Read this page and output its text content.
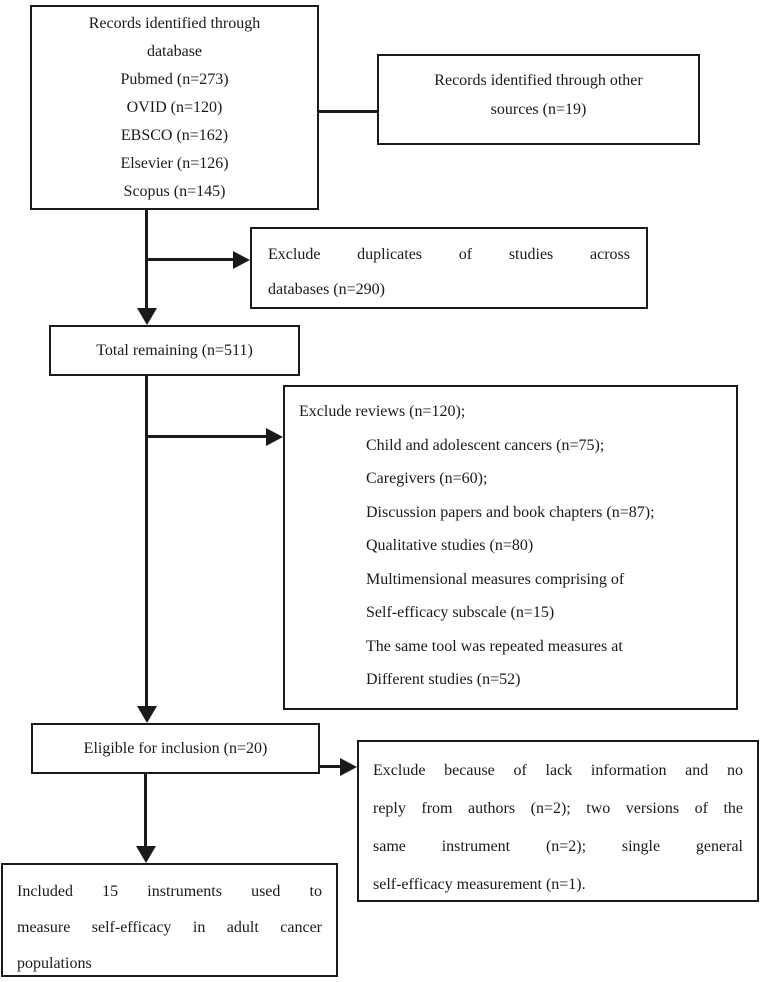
Records identified through
database
Pubmed (n=273)
OVID (n=120)
EBSCO (n=162)
Elsevier (n=126)
Scopus (n=145)
Records identified through other
sources (n=19)
Exclude duplicates of studies across
databases (n=290)
Total remaining (n=511)
Exclude reviews (n=120);
Child and adolescent cancers (n=75);
Caregivers (n=60);
Discussion papers and book chapters (n=87);
Qualitative studies (n=80)
Multimensional measures comprising of
Self-efficacy subscale (n=15)
The same tool was repeated measures at
Different studies (n=52)
Eligible for inclusion (n=20)
Exclude because of lack information and no
reply from authors (n=2); two versions of the
same instrument (n=2); single general
self-efficacy measurement (n=1).
Included 15 instruments used to
measure self-efficacy in adult cancer
populations
